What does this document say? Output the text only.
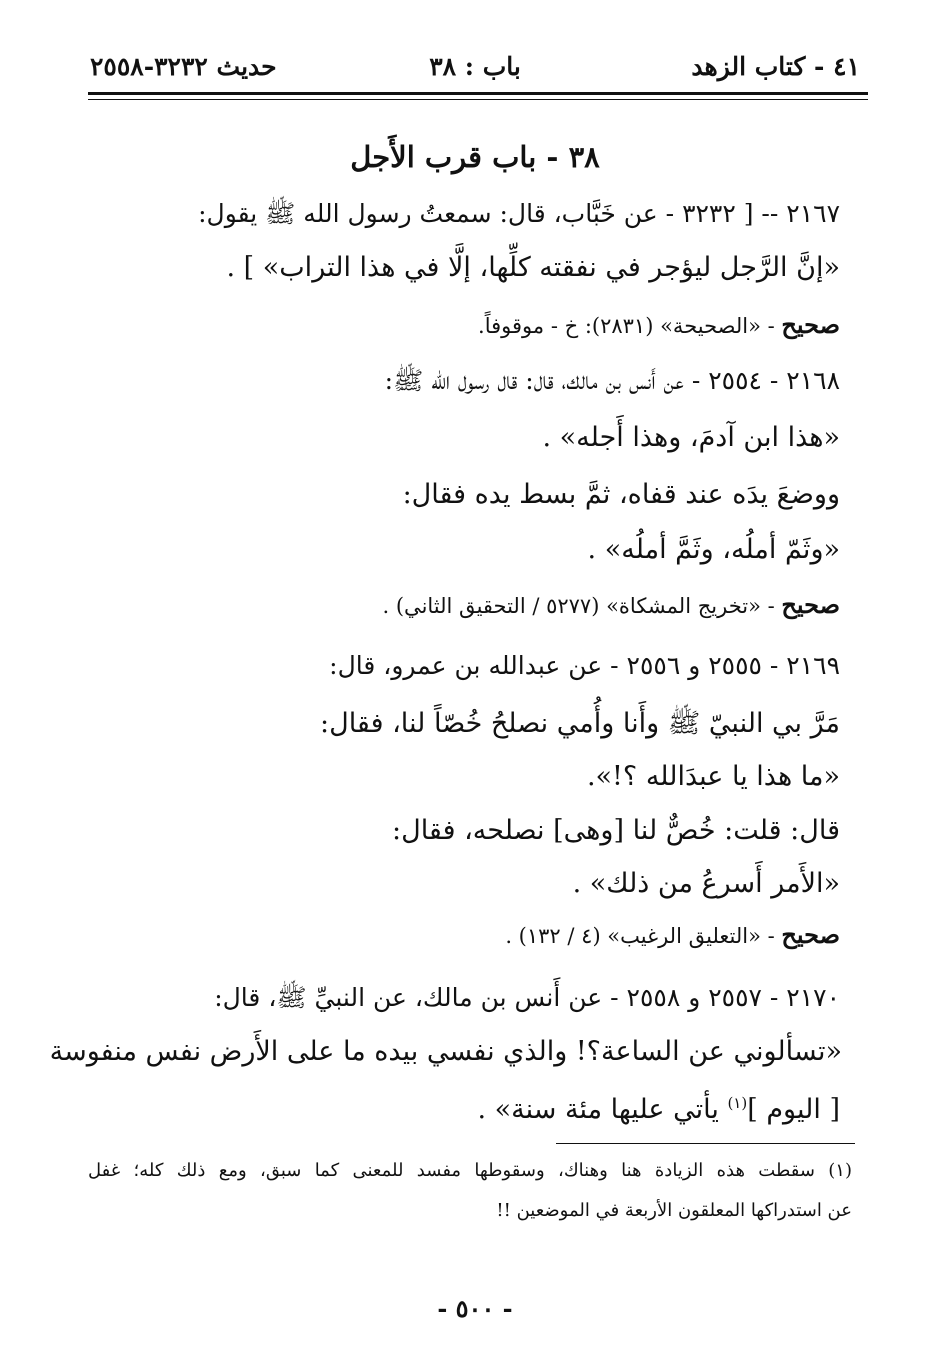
٤١ - كتاب الزهد
باب : ٣٨
حديث ٣٢٣٢-٢٥٥٨
٣٨ - باب قرب الأَجل
٢١٦٧ -- [ ٣٢٣٢ - عن خَبَّاب، قال: سمعتُ رسول الله ﷺ يقول:
«إنَّ الرَّجل ليؤجر في نفقته كلِّها، إلَّا في هذا التراب» ] .
صحيح - «الصحيحة» (٢٨٣١): خ - موقوفاً.
٢١٦٨ - ٢٥٥٤ - عن أَنس بن مالك، قال: قال رسول الله ﷺ:
«هذا ابن آدمَ، وهذا أَجله» .
ووضعَ يدَه عند قفاه، ثمَّ بسط يده فقال:
«وثَمّ أملُه، وثَمَّ أملُه» .
صحيح - «تخريج المشكاة» (٥٢٧٧ / التحقيق الثاني) .
٢١٦٩ - ٢٥٥٥ و ٢٥٥٦ - عن عبدالله بن عمرو، قال:
مَرَّ بي النبيّ ﷺ وأَنا وأُمي نصلحُ خُصّاً لنا، فقال:
«ما هذا يا عبدَالله ؟!».
قال: قلت: خُصٌّ لنا [وهى] نصلحه، فقال:
«الأَمر أَسرعُ من ذلك» .
صحيح - «التعليق الرغيب» (٤ / ١٣٢) .
٢١٧٠ - ٢٥٥٧ و ٢٥٥٨ - عن أَنس بن مالك، عن النبيِّ ﷺ، قال:
«تسألوني عن الساعة؟! والذي نفسي بيده ما على الأَرض نفس منفوسة
[ اليوم ]$^{(١)}$ يأتي عليها مئة سنة» .
(١) سقطت هذه الزيادة هنا وهناك، وسقوطها مفسد للمعنى كما سبق، ومع ذلك كله؛ غفل
عن استدراكها المعلقون الأربعة في الموضعين !!
- ٥٠٠ -
